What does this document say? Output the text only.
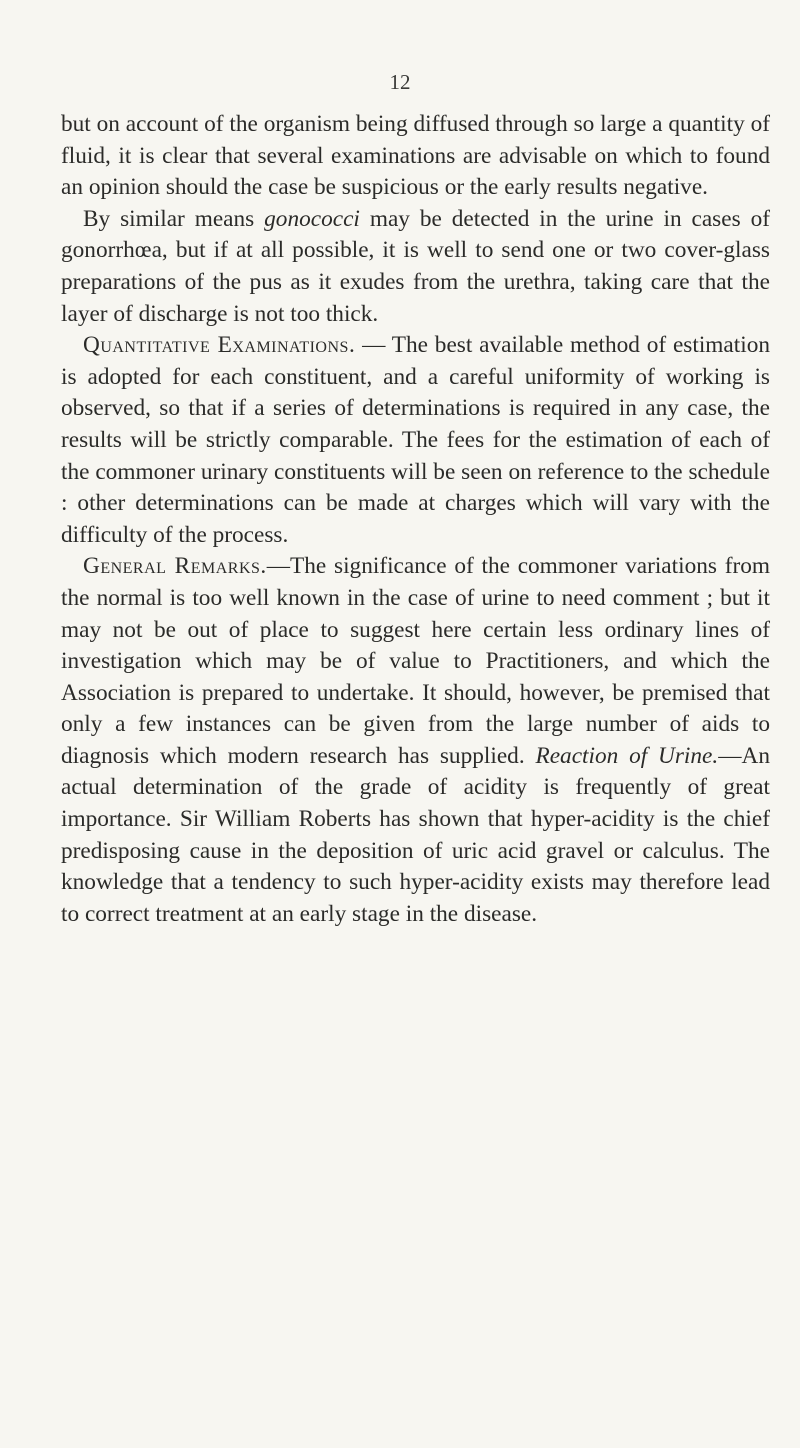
12

but on account of the organism being diffused through so large a quantity of fluid, it is clear that several examinations are advisable on which to found an opinion should the case be suspicious or the early results negative.

By similar means gonococci may be detected in the urine in cases of gonorrhœa, but if at all possible, it is well to send one or two cover-glass preparations of the pus as it exudes from the urethra, taking care that the layer of discharge is not too thick.

Quantitative Examinations. — The best available method of estimation is adopted for each constituent, and a careful uniformity of working is observed, so that if a series of determinations is required in any case, the results will be strictly comparable. The fees for the estimation of each of the commoner urinary constituents will be seen on reference to the schedule : other determinations can be made at charges which will vary with the difficulty of the process.

General Remarks.—The significance of the commoner variations from the normal is too well known in the case of urine to need comment ; but it may not be out of place to suggest here certain less ordinary lines of investigation which may be of value to Practitioners, and which the Association is prepared to undertake. It should, however, be premised that only a few instances can be given from the large number of aids to diagnosis which modern research has supplied. Reaction of Urine.—An actual determination of the grade of acidity is frequently of great importance. Sir William Roberts has shown that hyper-acidity is the chief predisposing cause in the deposition of uric acid gravel or calculus. The knowledge that a tendency to such hyper-acidity exists may therefore lead to correct treatment at an early stage in the disease.
